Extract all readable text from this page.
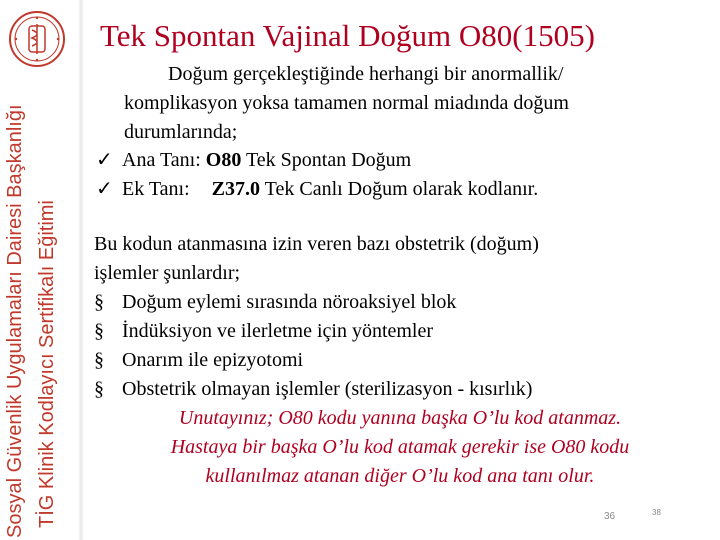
Sosyal Güvenlik Uygulamaları Dairesi Başkanlığı TİG Klinik Kodlayıcı Sertifikalı Eğitimi
Tek Spontan Vajinal Doğum O80(1505)
Doğum gerçekleştiğinde herhangi bir anormallik/
komplikasyon yoksa tamamen normal miadında doğum
durumlarında;
✓ Ana Tanı: O80 Tek Spontan Doğum
✓ Ek Tanı: Z37.0 Tek Canlı Doğum olarak kodlanır.
Bu kodun atanmasına izin veren bazı obstetrik (doğum)
işlemler şunlardır;
§ Doğum eylemi sırasında nöroaksiyel blok
§ İndüksiyon ve ilerletme için yöntemler
§ Onarım ile epizyotomi
§ Obstetrik olmayan işlemler (sterilizasyon - kısırlık)
Unutayınız; O80 kodu yanına başka O’lu kod atanmaz.
Hastaya bir başka O’lu kod atamak gerekir ise O80 kodu
kullanılmaz atanan diğer O’lu kod ana tanı olur.
36	38
